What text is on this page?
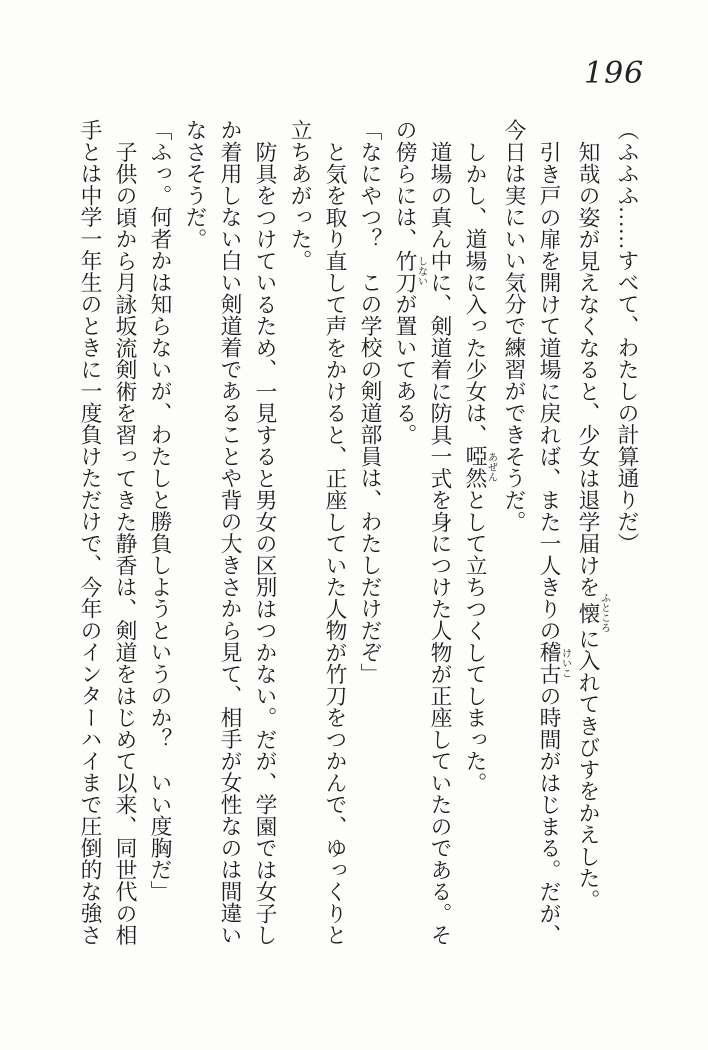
196

（ふふふ……すべて、わたしの計算通りだ）

知哉の姿が見えなくなると、少女は退学届けを懐ふところに入れてきびすをかえした。

引き戸の扉を開けて道場に戻れば、また一人きりの稽古けいこの時間がはじまる。だが、今日は実にいい気分で練習ができそうだ。

しかし、道場に入った少女は、啞然あぜんとして立ちつくしてしまった。

道場の真ん中に、剣道着に防具一式を身につけた人物が正座していたのである。その傍らには、竹刀しないが置いてある。

「なにやつ？　この学校の剣道部員は、わたしだけだぞ」

と気を取り直して声をかけると、正座していた人物が竹刀をつかんで、ゆっくりと立ちあがった。

防具をつけているため、一見すると男女の区別はつかない。だが、学園では女子しか着用しない白い剣道着であることや背の大きさから見て、相手が女性なのは間違いなさそうだ。

「ふっ。何者かは知らないが、わたしと勝負しようというのか？　いい度胸だ」

子供の頃から月詠坂流剣術を習ってきた静香は、剣道をはじめて以来、同世代の相手とは中学一年生のときに一度負けただけで、今年のインターハイまで圧倒的な強さ
